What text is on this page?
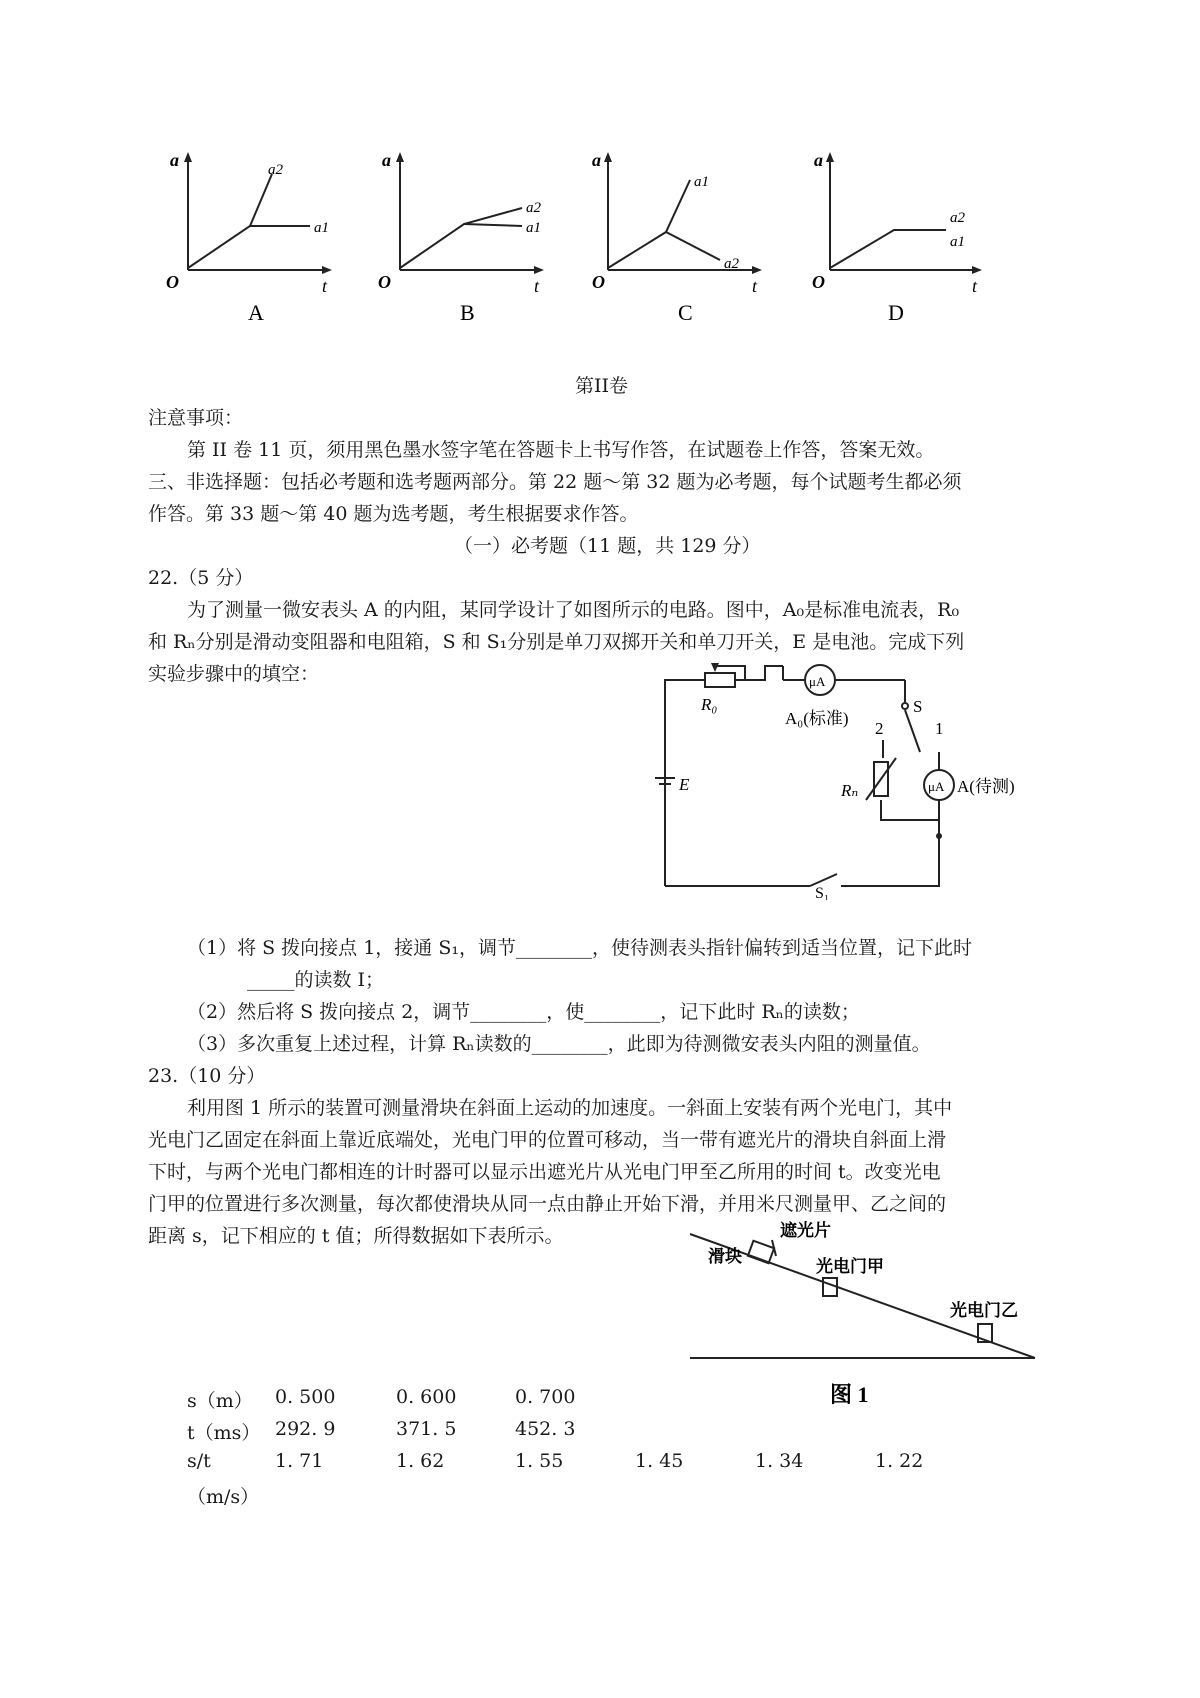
a
t
O
a2
a1
A
a
t
O
a2
a1
B
a
t
O
a1
a2
C
a
t
O
a2
a1
D
第II卷
注意事项：
第 II 卷 11 页，须用黑色墨水签字笔在答题卡上书写作答，在试题卷上作答，答案无效。
三、非选择题：包括必考题和选考题两部分。第 22 题～第 32 题为必考题，每个试题考生都必须
作答。第 33 题～第 40 题为选考题，考生根据要求作答。
（一）必考题（11 题，共 129 分）
22.（5 分）
为了测量一微安表头 A 的内阻，某同学设计了如图所示的电路。图中，A₀是标准电流表，R₀
和 Rₙ分别是滑动变阻器和电阻箱，S 和 S₁分别是单刀双掷开关和单刀开关，E 是电池。完成下列
实验步骤中的填空：
R₀
μA
A₀(标准)
S
2	1
Rₙ	μA A(待测)
E
S₁
（1）将 S 拨向接点 1，接通 S₁，调节________，使待测表头指针偏转到适当位置，记下此时
_____的读数 I；
（2）然后将 S 拨向接点 2，调节________，使________，记下此时 Rₙ的读数；
（3）多次重复上述过程，计算 Rₙ读数的________，此即为待测微安表头内阻的测量值。
23.（10 分）
利用图 1 所示的装置可测量滑块在斜面上运动的加速度。一斜面上安装有两个光电门，其中
光电门乙固定在斜面上靠近底端处，光电门甲的位置可移动，当一带有遮光片的滑块自斜面上滑
下时，与两个光电门都相连的计时器可以显示出遮光片从光电门甲至乙所用的时间 t。改变光电
门甲的位置进行多次测量，每次都使滑块从同一点由静止开始下滑，并用米尺测量甲、乙之间的
距离 s，记下相应的 t 值；所得数据如下表所示。	遮光片
滑块
光电门甲
光电门乙
图 1
s（m） 0. 500	0. 600	0. 700
t（ms） 292. 9	371. 5	452. 3
s/t	1. 71	1. 62	1. 55	1. 45	1. 34	1. 22
（m/s）
